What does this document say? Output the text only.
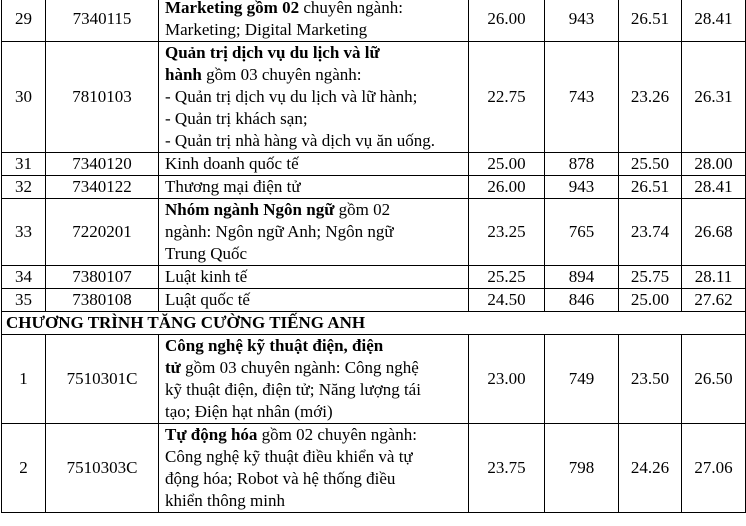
29	7340115	Marketing gồm 02 chuyên ngành:
Marketing; Digital Marketing	26.00	943	26.51	28.41
30	7810103	Quản trị dịch vụ du lịch và lữ
hành gồm 03 chuyên ngành:
- Quản trị dịch vụ du lịch và lữ hành;
- Quản trị khách sạn;
- Quản trị nhà hàng và dịch vụ ăn uống.	22.75	743	23.26	26.31
31	7340120	Kinh doanh quốc tế	25.00	878	25.50	28.00
32	7340122	Thương mại điện tử	26.00	943	26.51	28.41
33	7220201	Nhóm ngành Ngôn ngữ gồm 02
ngành: Ngôn ngữ Anh; Ngôn ngữ
Trung Quốc	23.25	765	23.74	26.68
34	7380107	Luật kinh tế	25.25	894	25.75	28.11
35	7380108	Luật quốc tế	24.50	846	25.00	27.62
CHƯƠNG TRÌNH TĂNG CƯỜNG TIẾNG ANH						
1	7510301C	Công nghệ kỹ thuật điện, điện
tử gồm 03 chuyên ngành: Công nghệ
kỹ thuật điện, điện tử; Năng lượng tái
tạo; Điện hạt nhân (mới)	23.00	749	23.50	26.50
2	7510303C	Tự động hóa gồm 02 chuyên ngành:
Công nghệ kỹ thuật điều khiển và tự
động hóa; Robot và hệ thống điều
khiển thông minh	23.75	798	24.26	27.06
